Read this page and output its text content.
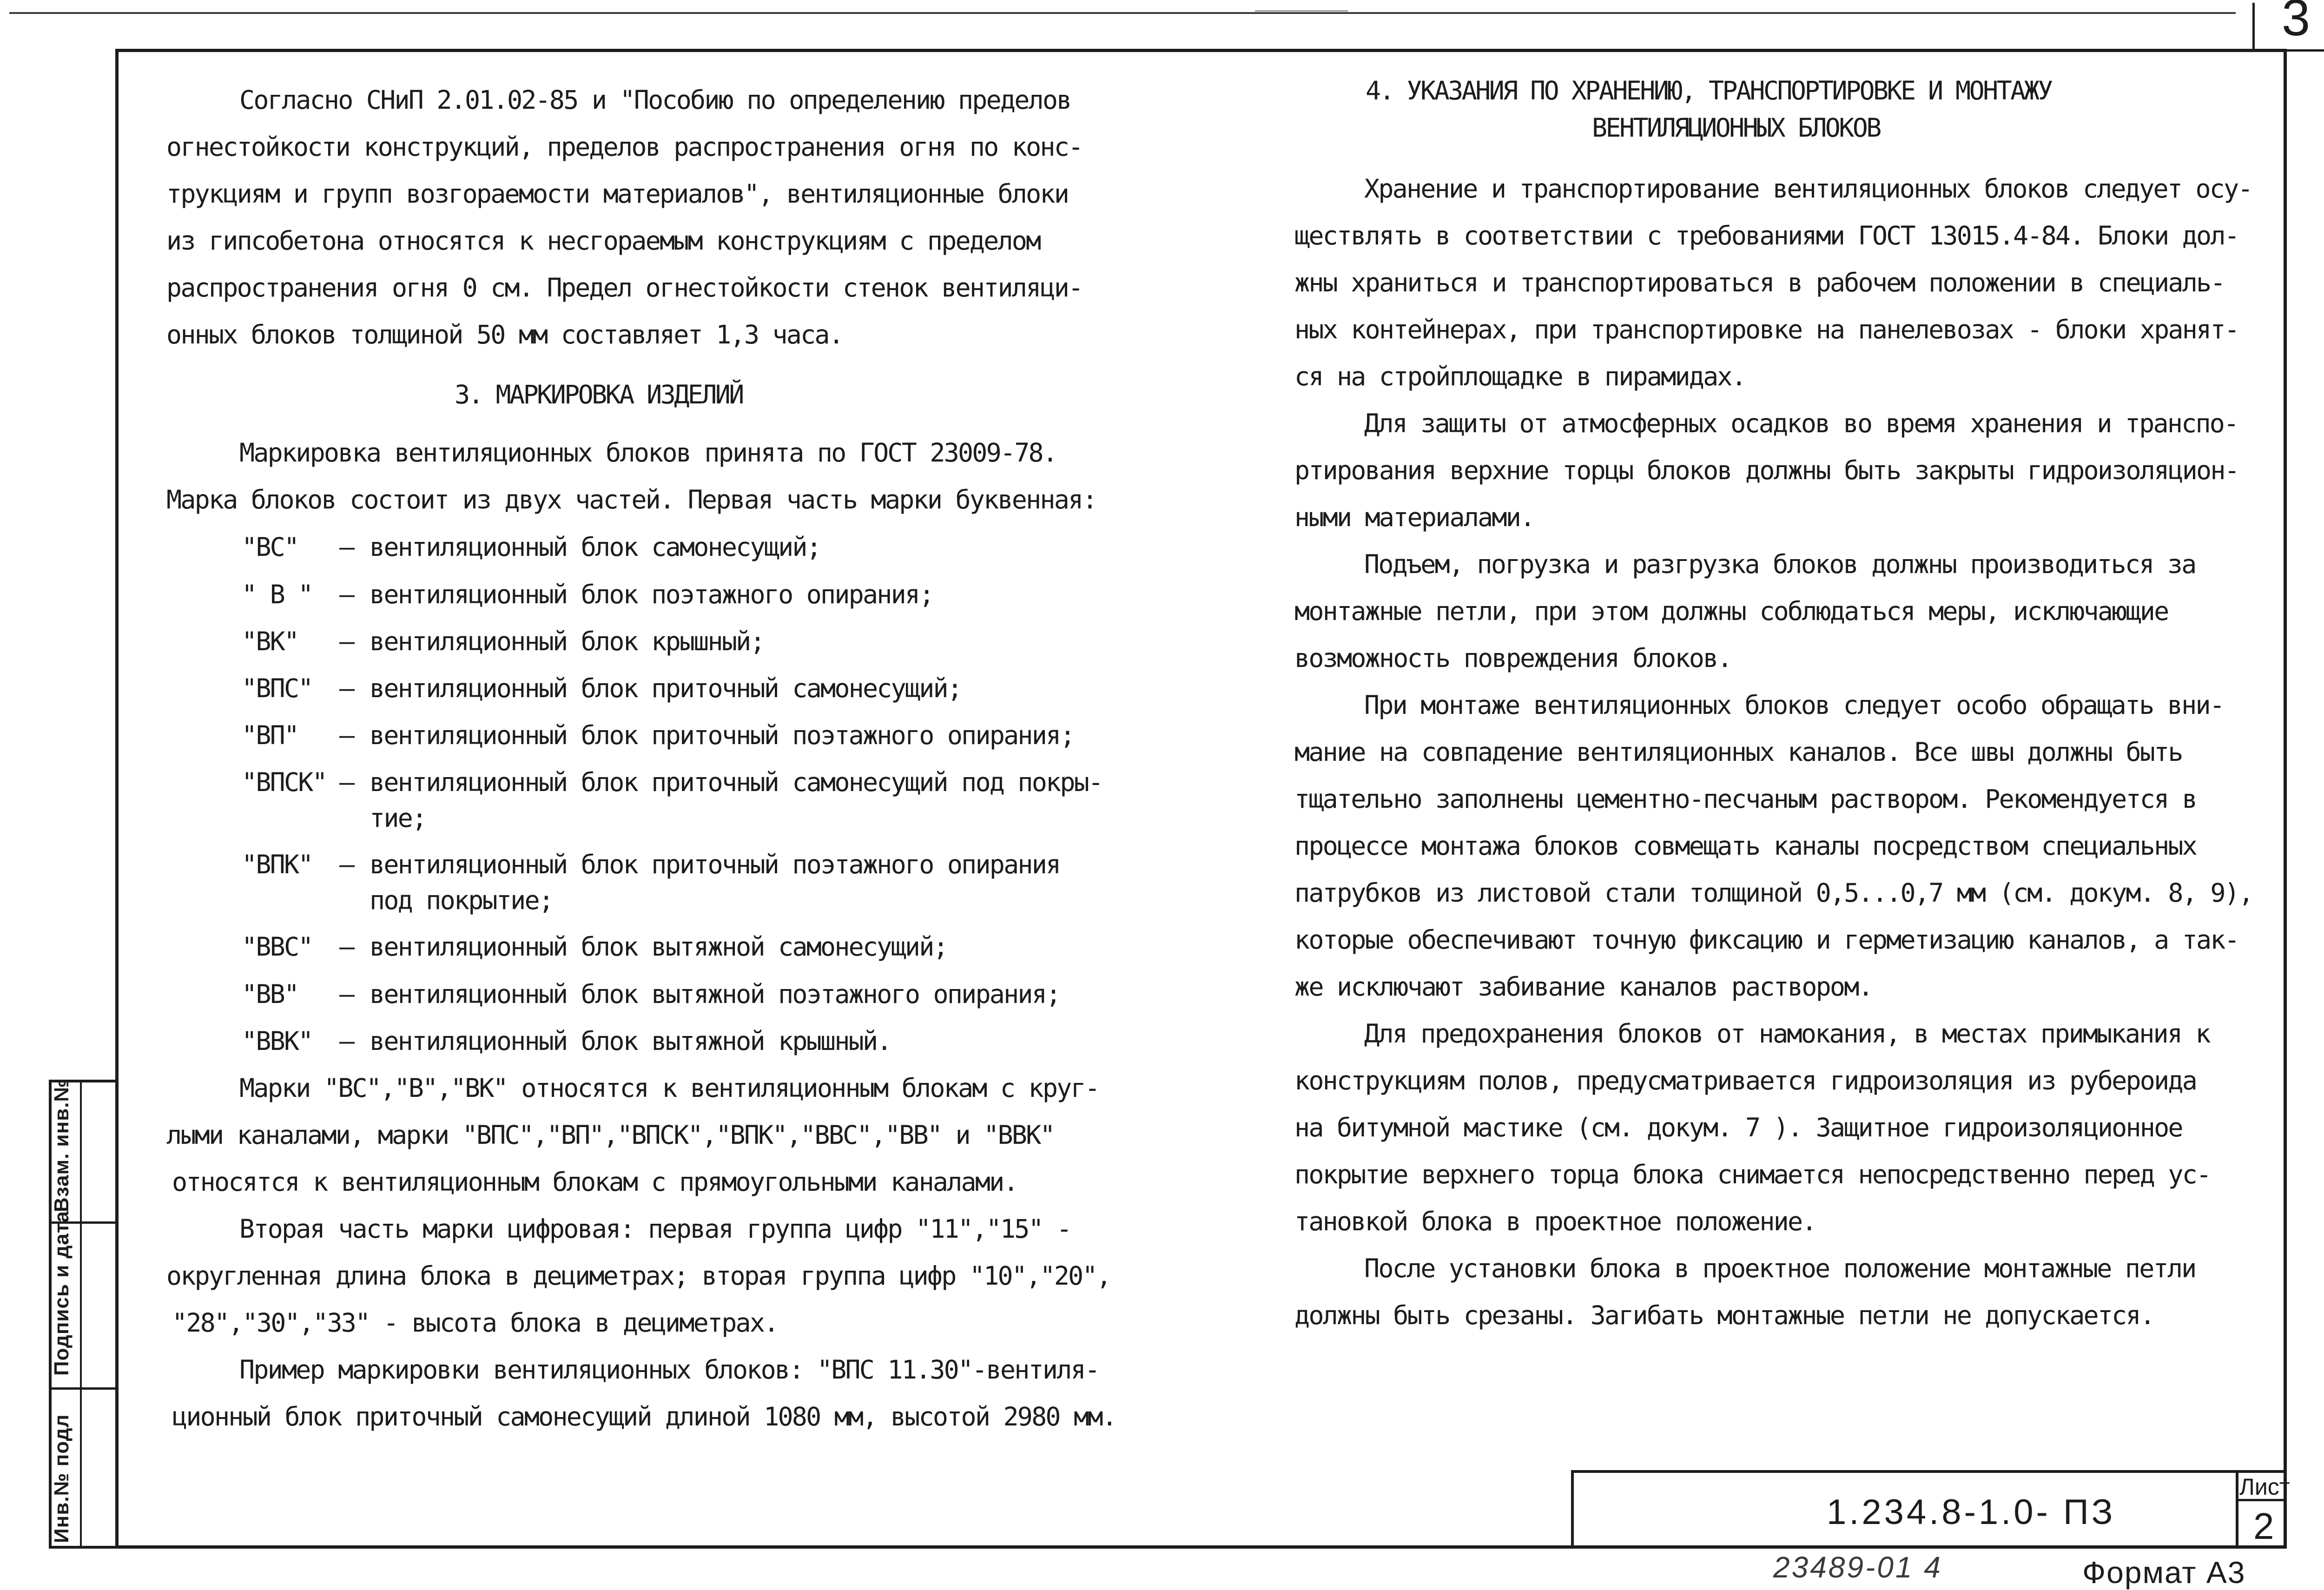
3
Взам. инв.№
Подпись и дата
Инв.№ подл	1.234.8-1.0- ПЗ
Лист
2
23489-01 4	Формат А3
Согласно СНиП 2.01.02-85 и "Пособию по определению пределов
огнестойкости конструкций, пределов распространения огня по конс-
трукциям и групп возгораемости материалов", вентиляционные блоки
из гипсобетона относятся к несгораемым конструкциям с пределом
распространения огня 0 см. Предел огнестойкости стенок вентиляци-
онных блоков толщиной 50 мм составляет 1,3 часа.
3. МАРКИРОВКА ИЗДЕЛИЙ
Маркировка вентиляционных блоков принята по ГОСТ 23009-78.
Марка блоков состоит из двух частей. Первая часть марки буквенная:
"ВС" – вентиляционный блок самонесущий;
" В " – вентиляционный блок поэтажного опирания;
"ВК" – вентиляционный блок крышный;
"ВПС" – вентиляционный блок приточный самонесущий;
"ВП" – вентиляционный блок приточный поэтажного опирания;
"ВПСК" – вентиляционный блок приточный самонесущий под покры-
тие;
"ВПК" – вентиляционный блок приточный поэтажного опирания
под покрытие;
"ВВС" – вентиляционный блок вытяжной самонесущий;
"ВВ" – вентиляционный блок вытяжной поэтажного опирания;
"ВВК" – вентиляционный блок вытяжной крышный.
Марки "ВС","В","ВК" относятся к вентиляционным блокам с круг-
лыми каналами, марки "ВПС","ВП","ВПСК","ВПК","ВВС","ВВ" и "ВВК"
относятся к вентиляционным блокам с прямоугольными каналами.
Вторая часть марки цифровая: первая группа цифр "11","15" -
округленная длина блока в дециметрах; вторая группа цифр "10","20",
"28","30","33" - высота блока в дециметрах.
Пример маркировки вентиляционных блоков: "ВПС 11.30"-вентиля-
ционный блок приточный самонесущий длиной 1080 мм, высотой 2980 мм.
4. УКАЗАНИЯ ПО ХРАНЕНИЮ, ТРАНСПОРТИРОВКЕ И МОНТАЖУ
ВЕНТИЛЯЦИОННЫХ БЛОКОВ
Хранение и транспортирование вентиляционных блоков следует осу-
ществлять в соответствии с требованиями ГОСТ 13015.4-84. Блоки дол-
жны храниться и транспортироваться в рабочем положении в специаль-
ных контейнерах, при транспортировке на панелевозах - блоки хранят-
ся на стройплощадке в пирамидах.
Для защиты от атмосферных осадков во время хранения и транспо-
ртирования верхние торцы блоков должны быть закрыты гидроизоляцион-
ными материалами.
Подъем, погрузка и разгрузка блоков должны производиться за
монтажные петли, при этом должны соблюдаться меры, исключающие
возможность повреждения блоков.
При монтаже вентиляционных блоков следует особо обращать вни-
мание на совпадение вентиляционных каналов. Все швы должны быть
тщательно заполнены цементно-песчаным раствором. Рекомендуется в
процессе монтажа блоков совмещать каналы посредством специальных
патрубков из листовой стали толщиной 0,5...0,7 мм (см. докум. 8, 9),
которые обеспечивают точную фиксацию и герметизацию каналов, а так-
же исключают забивание каналов раствором.
Для предохранения блоков от намокания, в местах примыкания к
конструкциям полов, предусматривается гидроизоляция из рубероида
на битумной мастике (см. докум. 7 ). Защитное гидроизоляционное
покрытие верхнего торца блока снимается непосредственно перед ус-
тановкой блока в проектное положение.
После установки блока в проектное положение монтажные петли
должны быть срезаны. Загибать монтажные петли не допускается.
